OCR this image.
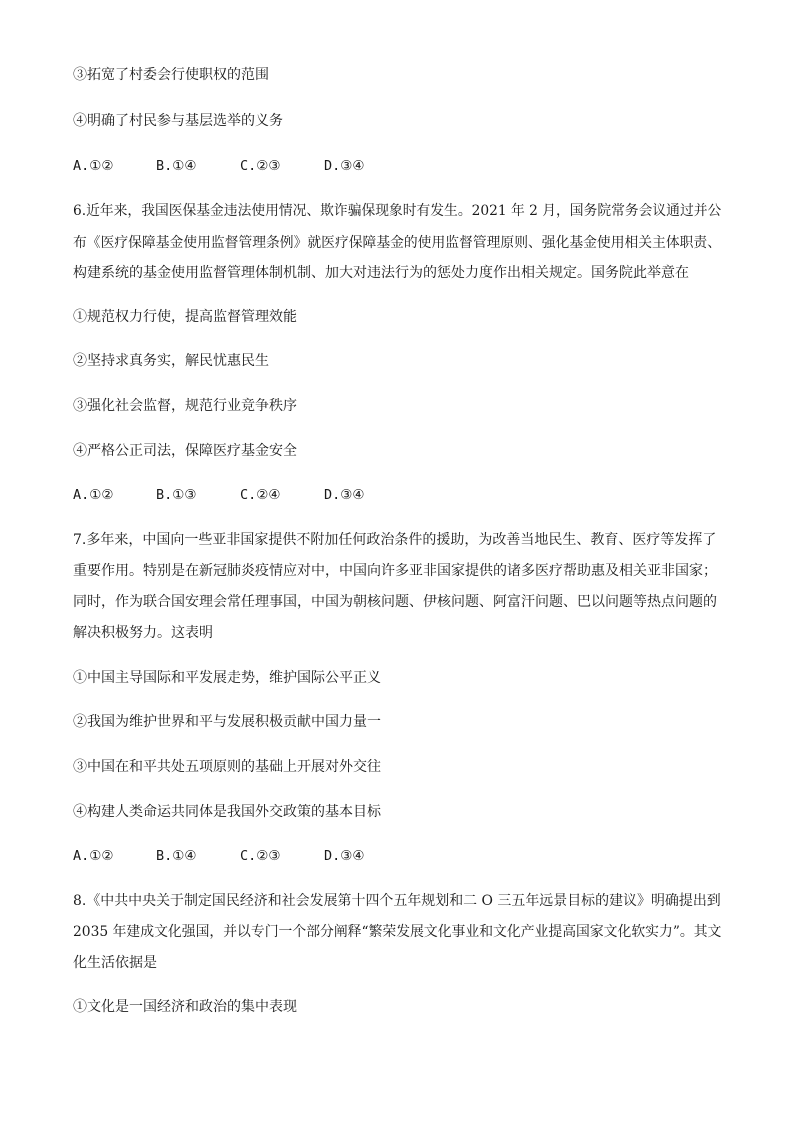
③拓宽了村委会行使职权的范围
④明确了村民参与基层选举的义务
A.①②	B.①④	C.②③	D.③④
6.近年来，我国医保基金违法使用情况、欺诈骗保现象时有发生。2021 年 2 月，国务院常务会议通过并公
布《医疗保障基金使用监督管理条例》就医疗保障基金的使用监督管理原则、强化基金使用相关主体职责、
构建系统的基金使用监督管理体制机制、加大对违法行为的惩处力度作出相关规定。国务院此举意在
①规范权力行使，提高监督管理效能
②坚持求真务实，解民忧惠民生
③强化社会监督，规范行业竞争秩序
④严格公正司法，保障医疗基金安全
A.①②	B.①③	C.②④	D.③④
7.多年来，中国向一些亚非国家提供不附加任何政治条件的援助，为改善当地民生、教育、医疗等发挥了
重要作用。特别是在新冠肺炎疫情应对中，中国向许多亚非国家提供的诸多医疗帮助惠及相关亚非国家；
同时，作为联合国安理会常任理事国，中国为朝核问题、伊核问题、阿富汗问题、巴以问题等热点问题的
解决积极努力。这表明
①中国主导国际和平发展走势，维护国际公平正义
②我国为维护世界和平与发展积极贡献中国力量一
③中国在和平共处五项原则的基础上开展对外交往
④构建人类命运共同体是我国外交政策的基本目标
A.①②	B.①④	C.②③	D.③④
8.《中共中央关于制定国民经济和社会发展第十四个五年规划和二 O 三五年远景目标的建议》明确提出到
2035 年建成文化强国，并以专门一个部分阐释“繁荣发展文化事业和文化产业提高国家文化软实力”。其文
化生活依据是
①文化是一国经济和政治的集中表现
